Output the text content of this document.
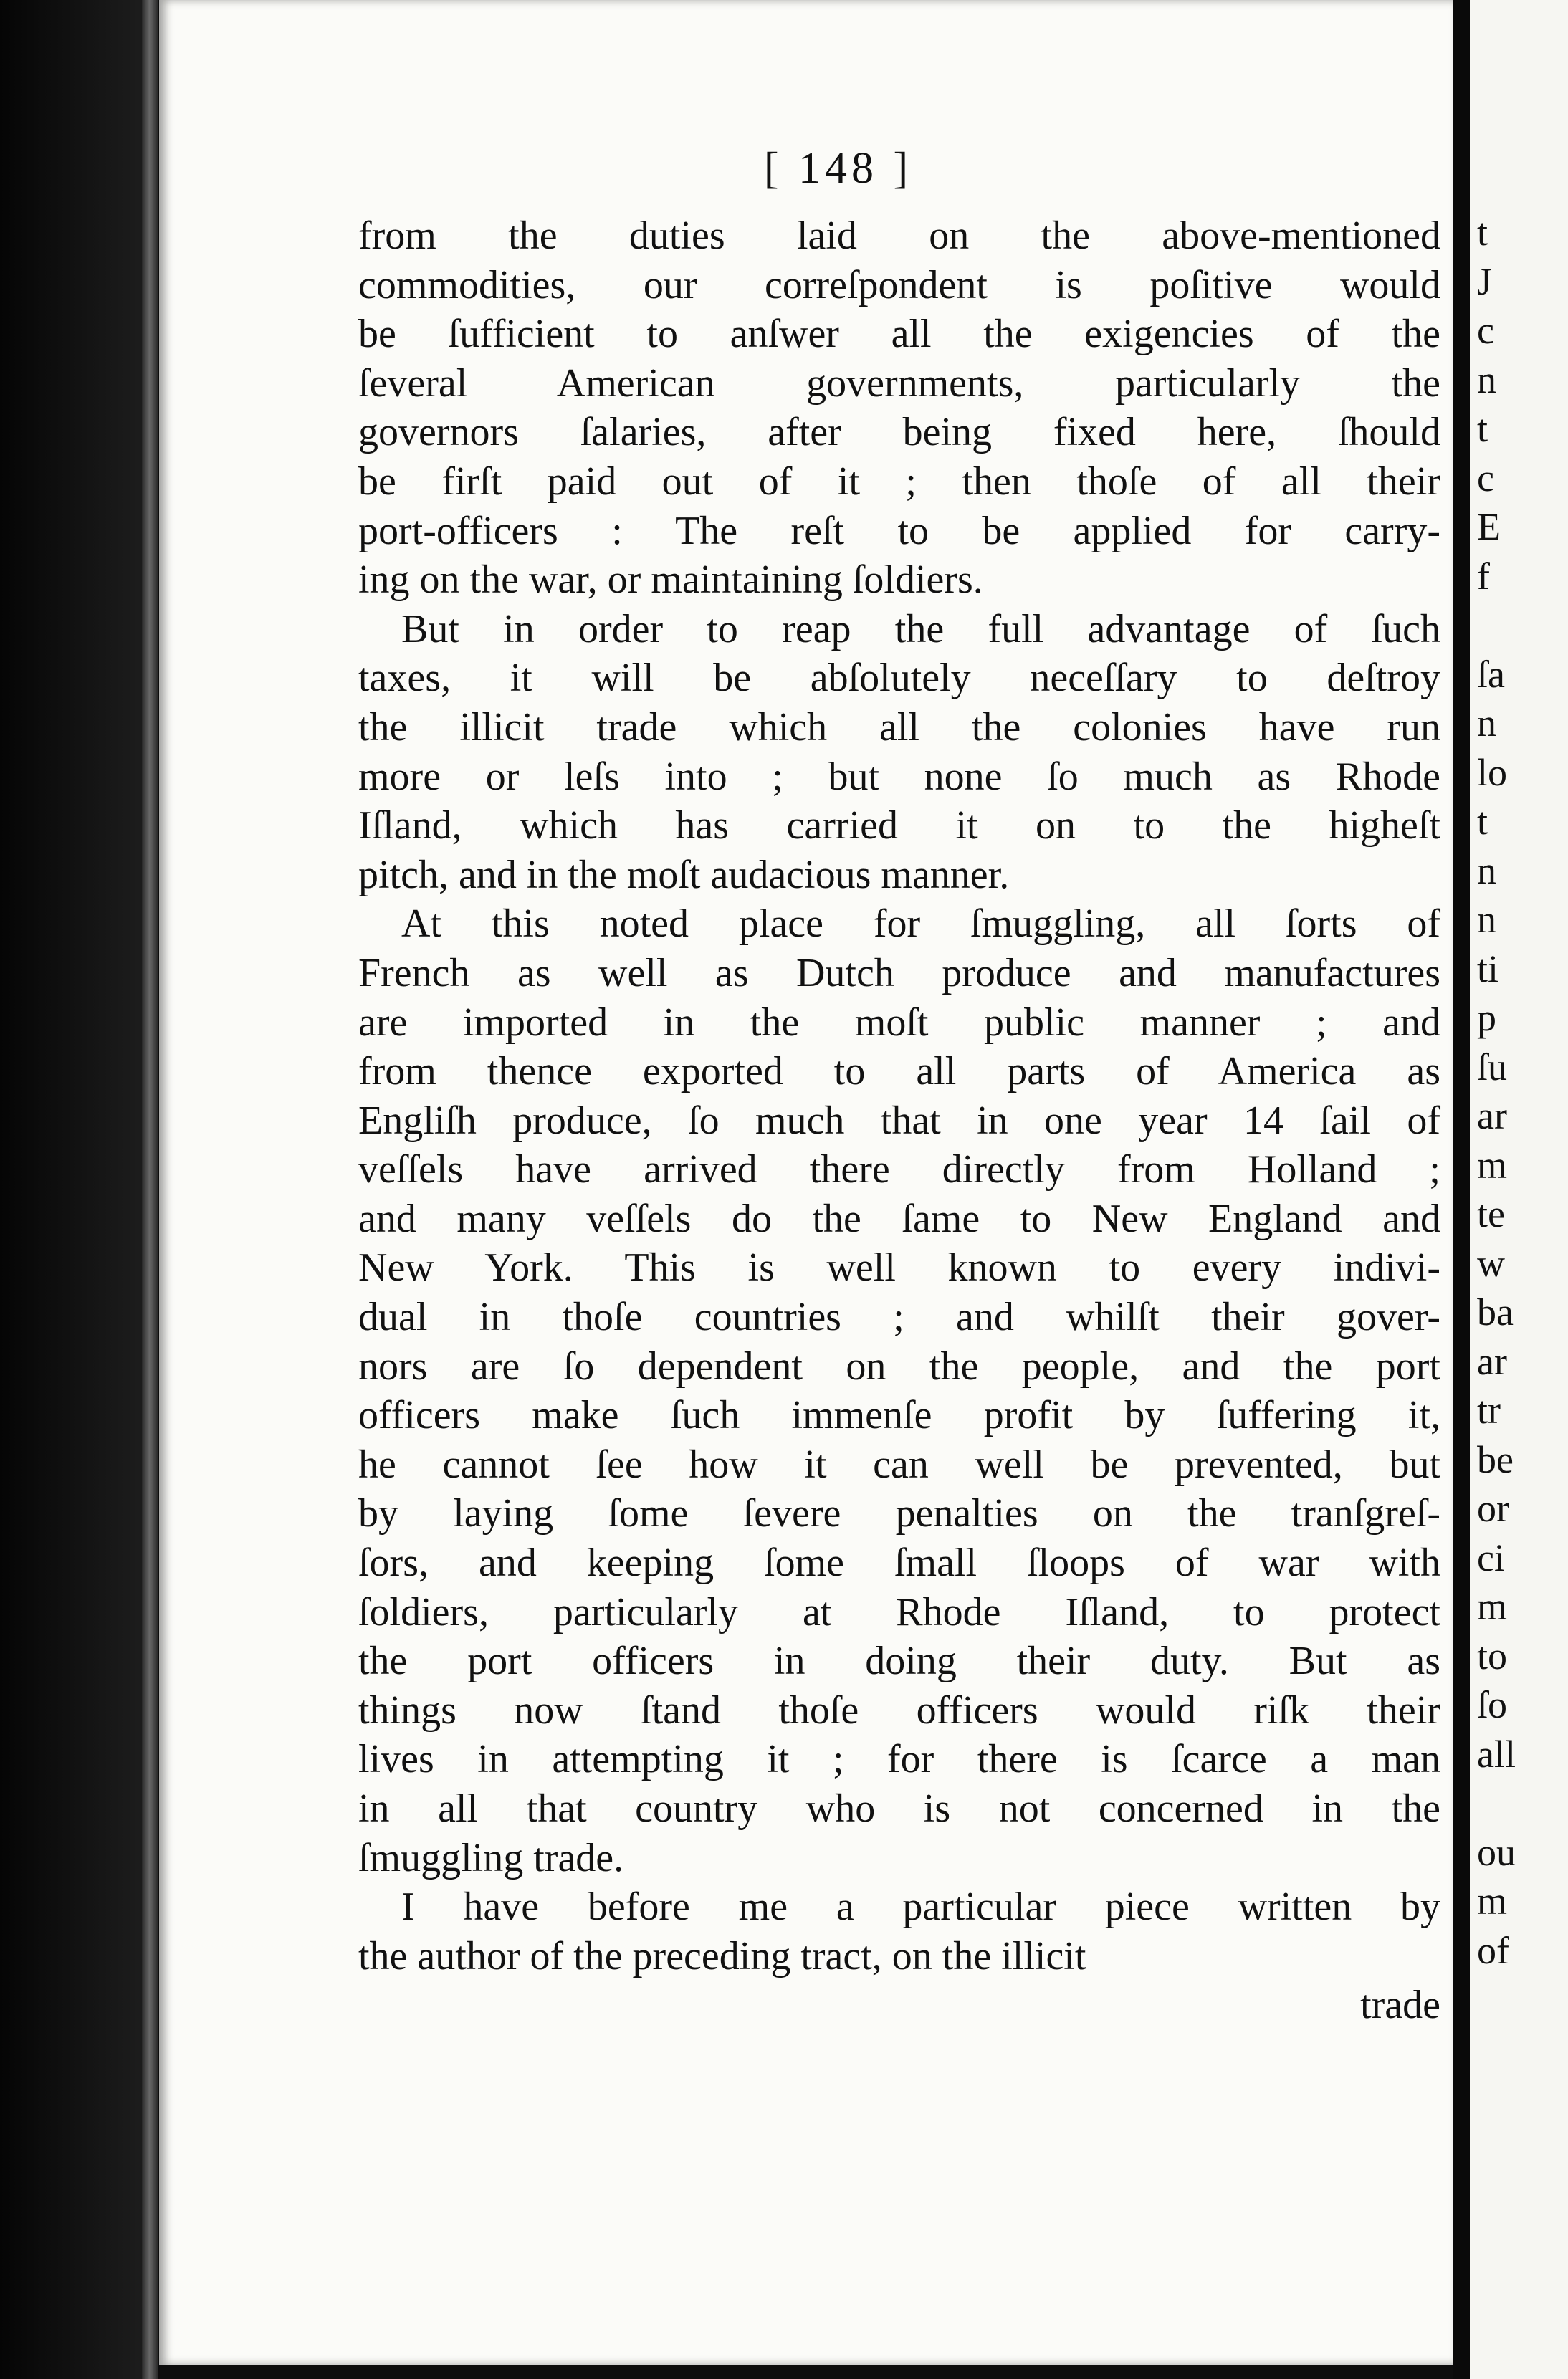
[ 148 ]

from the duties laid on the above-mentioned
commodities, our correſpondent is poſitive would
be ſufficient to anſwer all the exigencies of the
ſeveral American governments, particularly the
governors ſalaries, after being fixed here, ſhould
be firſt paid out of it ; then thoſe of all their
port-officers : The reſt to be applied for carry-
ing on the war, or maintaining ſoldiers.

But in order to reap the full advantage of ſuch
taxes, it will be abſolutely neceſſary to deſtroy
the illicit trade which all the colonies have run
more or leſs into ; but none ſo much as Rhode
Iſland, which has carried it on to the higheſt
pitch, and in the moſt audacious manner.

At this noted place for ſmuggling, all ſorts of
French as well as Dutch produce and manufactures
are imported in the moſt public manner ; and
from thence exported to all parts of America as
Engliſh produce, ſo much that in one year 14 ſail of
veſſels have arrived there directly from Holland ;
and many veſſels do the ſame to New England and
New York. This is well known to every indivi-
dual in thoſe countries ; and whilſt their gover-
nors are ſo dependent on the people, and the port
officers make ſuch immenſe profit by ſuffering it,
he cannot ſee how it can well be prevented, but
by laying ſome ſevere penalties on the tranſgreſ-
ſors, and keeping ſome ſmall ſloops of war with
ſoldiers, particularly at Rhode Iſland, to protect
the port officers in doing their duty. But as
things now ſtand thoſe officers would riſk their
lives in attempting it ; for there is ſcarce a man
in all that country who is not concerned in the
ſmuggling trade.

I have before me a particular piece written by
the author of the preceding tract, on the illicit

trade
t
J
c
n
t
c
E
f
ſa
n
lo
t
n
n
ti
p
ſu
ar
m
te
w
ba
ar
tr
be
or
ci
m
to
ſo
all
ou
m
of
